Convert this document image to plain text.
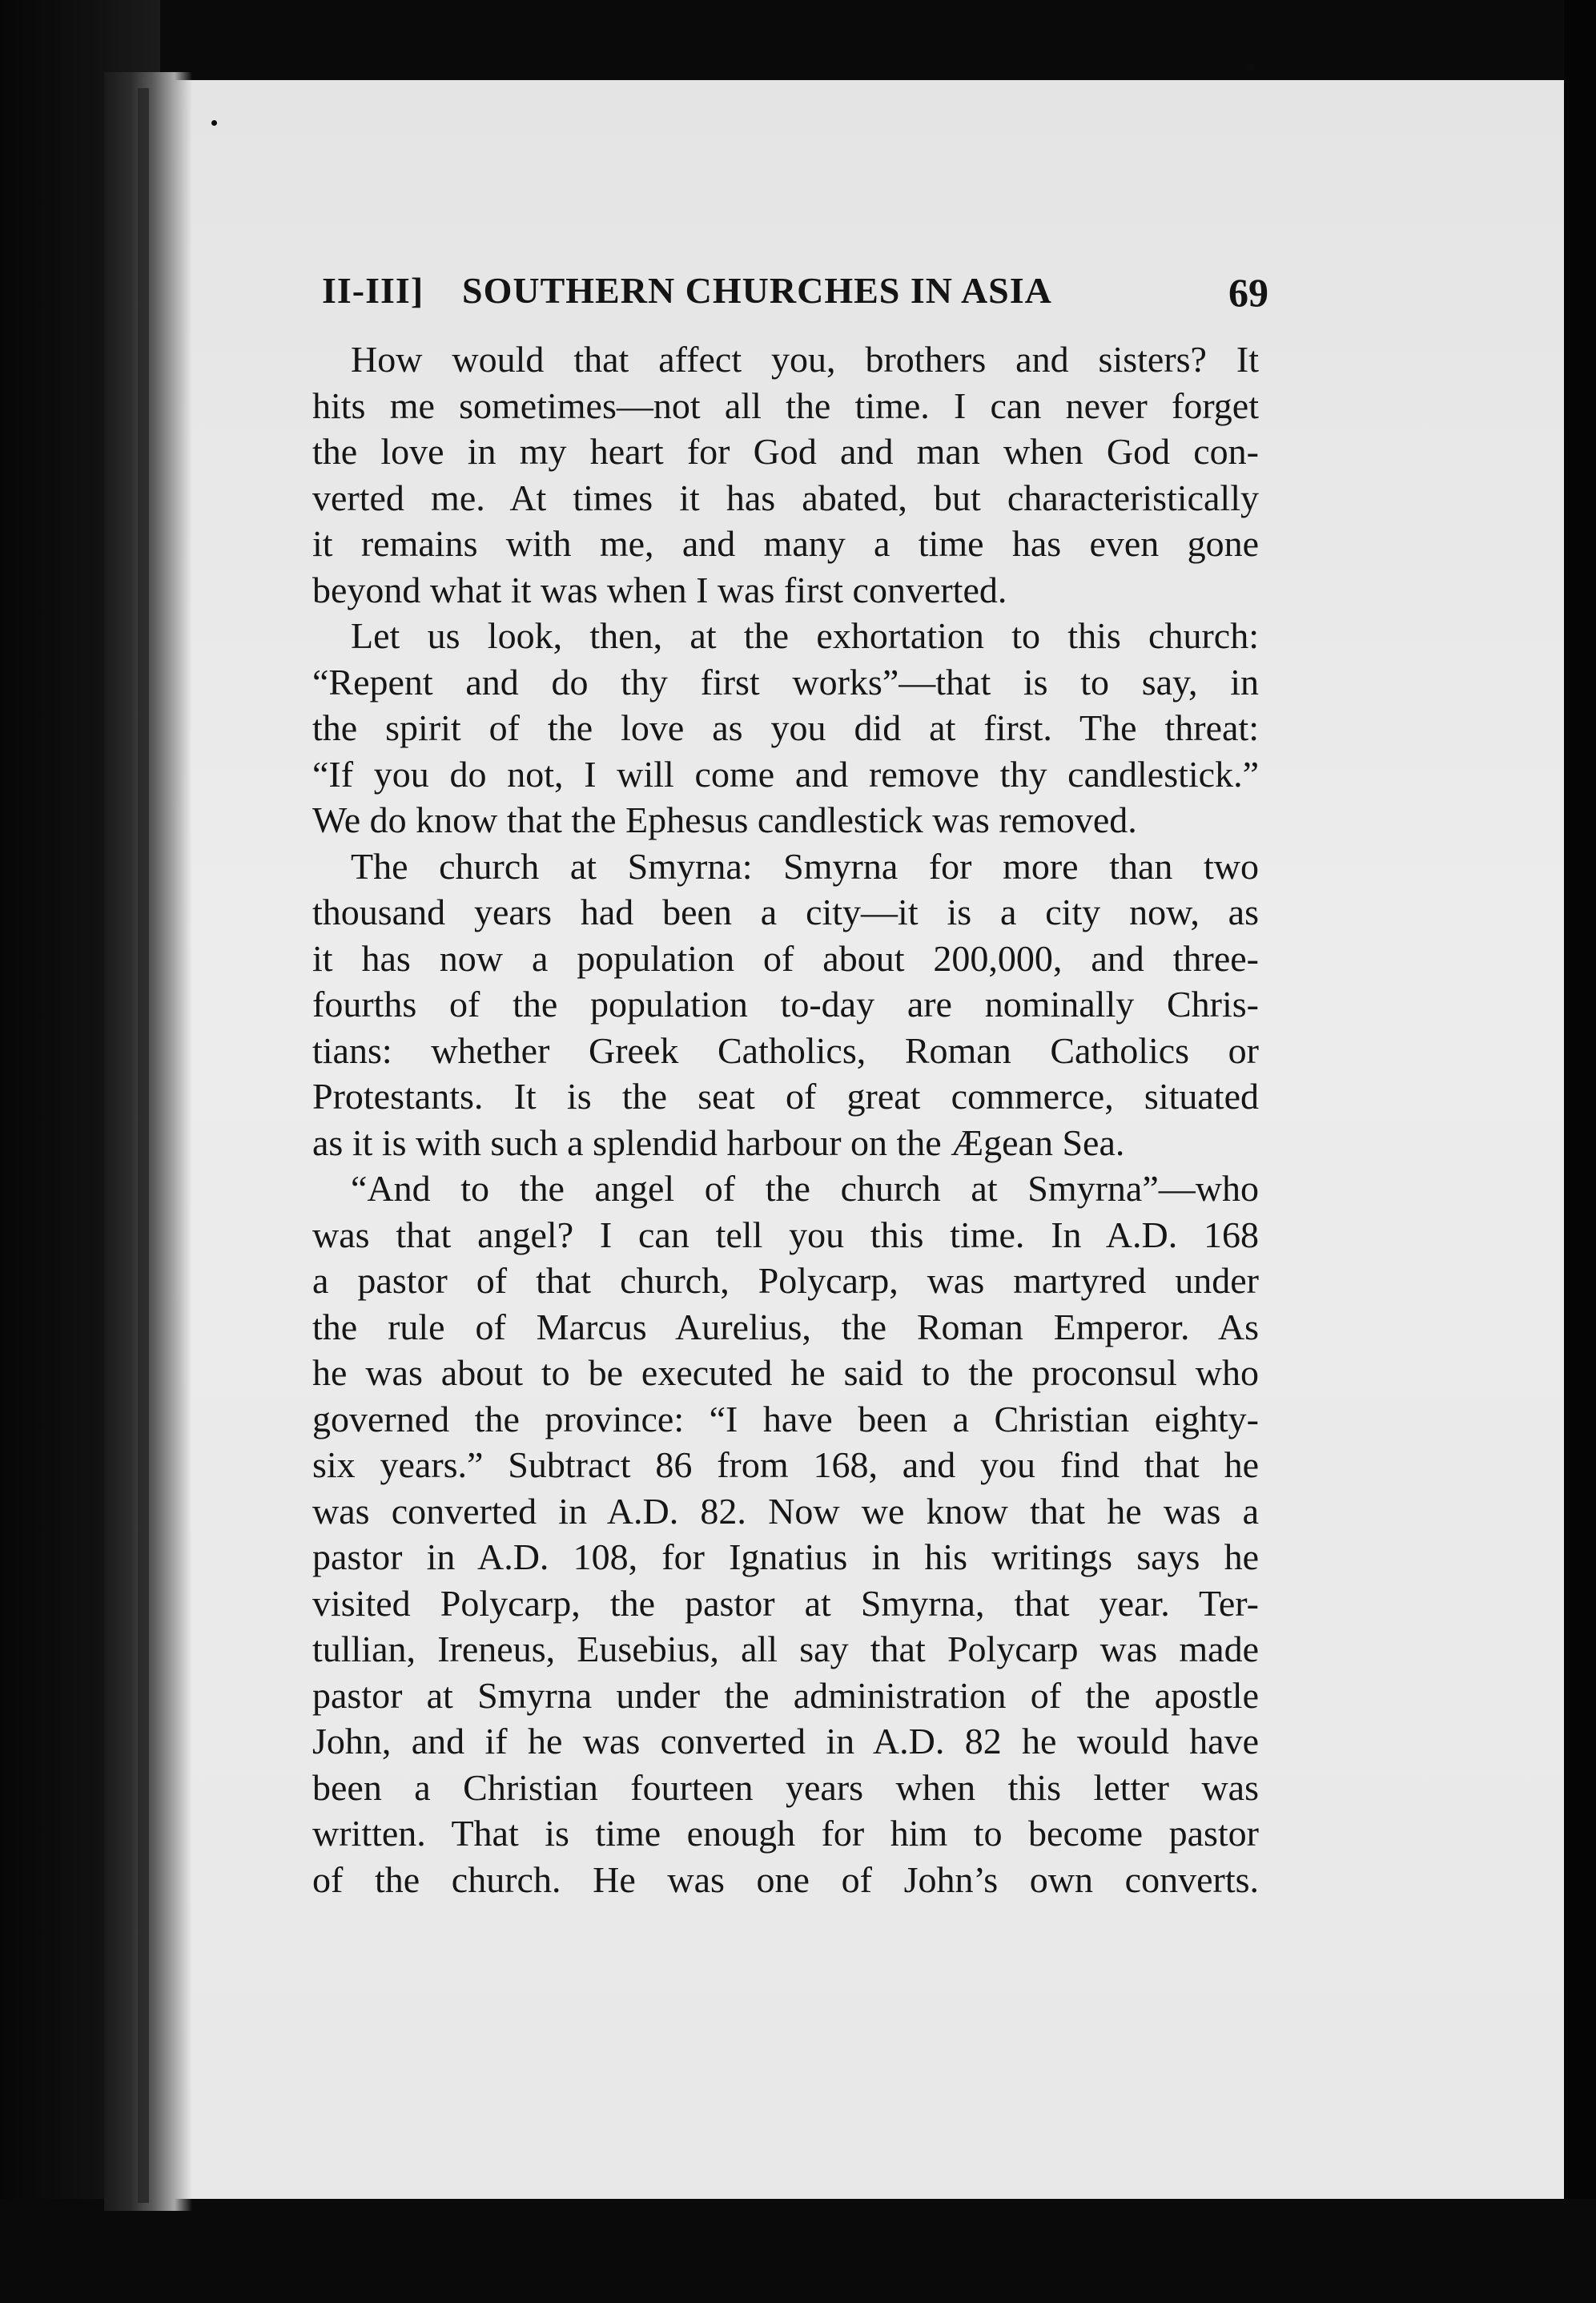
II-III] SOUTHERN CHURCHES IN ASIA	69
How would that affect you, brothers and sisters? It
hits me sometimes—not all the time. I can never forget
the love in my heart for God and man when God con-
verted me. At times it has abated, but characteristically
it remains with me, and many a time has even gone
beyond what it was when I was first converted.
Let us look, then, at the exhortation to this church:
“Repent and do thy first works”—that is to say, in
the spirit of the love as you did at first. The threat:
“If you do not, I will come and remove thy candlestick.”
We do know that the Ephesus candlestick was removed.
The church at Smyrna: Smyrna for more than two
thousand years had been a city—it is a city now, as
it has now a population of about 200,000, and three-
fourths of the population to-day are nominally Chris-
tians: whether Greek Catholics, Roman Catholics or
Protestants. It is the seat of great commerce, situated
as it is with such a splendid harbour on the Ægean Sea.
“And to the angel of the church at Smyrna”—who
was that angel? I can tell you this time. In A.D. 168
a pastor of that church, Polycarp, was martyred under
the rule of Marcus Aurelius, the Roman Emperor. As
he was about to be executed he said to the proconsul who
governed the province: “I have been a Christian eighty-
six years.” Subtract 86 from 168, and you find that he
was converted in A.D. 82. Now we know that he was a
pastor in A.D. 108, for Ignatius in his writings says he
visited Polycarp, the pastor at Smyrna, that year. Ter-
tullian, Ireneus, Eusebius, all say that Polycarp was made
pastor at Smyrna under the administration of the apostle
John, and if he was converted in A.D. 82 he would have
been a Christian fourteen years when this letter was
written. That is time enough for him to become pastor
of the church. He was one of John’s own converts.
